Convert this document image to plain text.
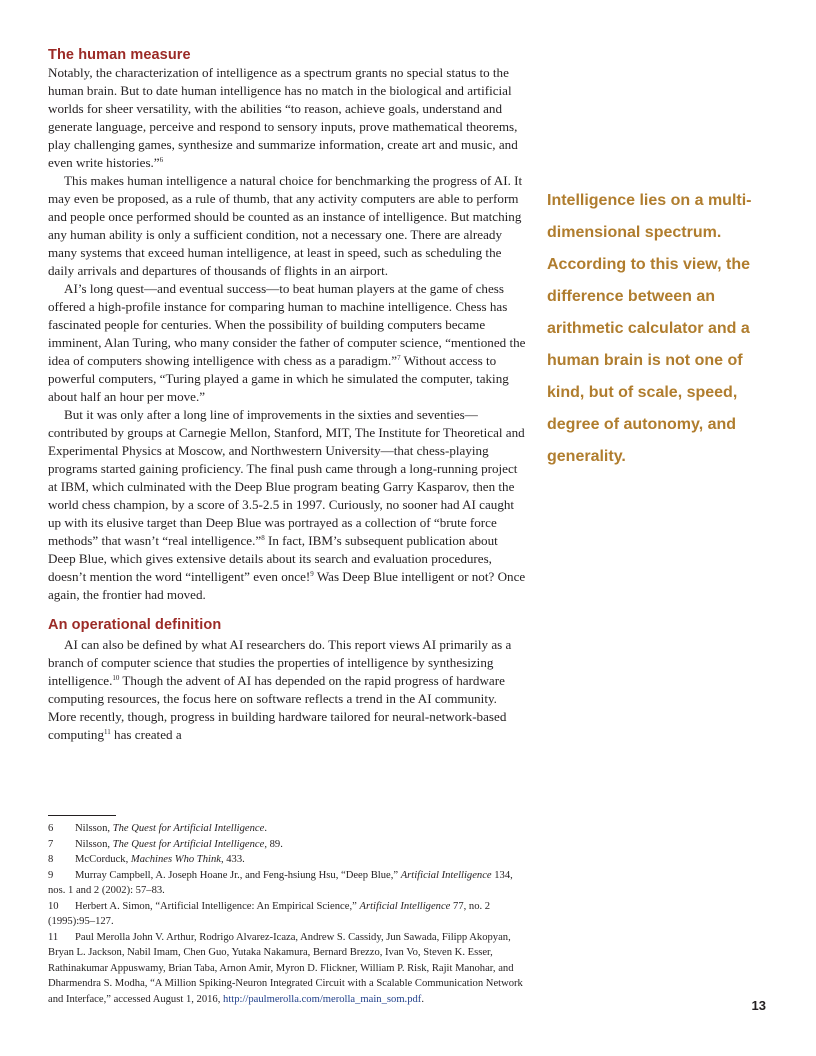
The human measure

Notably, the characterization of intelligence as a spectrum grants no special status to the human brain. But to date human intelligence has no match in the biological and artificial worlds for sheer versatility, with the abilities “to reason, achieve goals, understand and generate language, perceive and respond to sensory inputs, prove mathematical theorems, play challenging games, synthesize and summarize information, create art and music, and even write histories.”$^6$

This makes human intelligence a natural choice for benchmarking the progress of AI. It may even be proposed, as a rule of thumb, that any activity computers are able to perform and people once performed should be counted as an instance of intelligence. But matching any human ability is only a sufficient condition, not a necessary one. There are already many systems that exceed human intelligence, at least in speed, such as scheduling the daily arrivals and departures of thousands of flights in an airport.

AI’s long quest—and eventual success—to beat human players at the game of chess offered a high-profile instance for comparing human to machine intelligence. Chess has fascinated people for centuries. When the possibility of building computers became imminent, Alan Turing, who many consider the father of computer science, “mentioned the idea of computers showing intelligence with chess as a paradigm.”$^7$ Without access to powerful computers, “Turing played a game in which he simulated the computer, taking about half an hour per move.”

But it was only after a long line of improvements in the sixties and seventies—contributed by groups at Carnegie Mellon, Stanford, MIT, The Institute for Theoretical and Experimental Physics at Moscow, and Northwestern University—that chess-playing programs started gaining proficiency. The final push came through a long-running project at IBM, which culminated with the Deep Blue program beating Garry Kasparov, then the world chess champion, by a score of 3.5-2.5 in 1997. Curiously, no sooner had AI caught up with its elusive target than Deep Blue was portrayed as a collection of “brute force methods” that wasn’t “real intelligence.”$^8$ In fact, IBM’s subsequent publication about Deep Blue, which gives extensive details about its search and evaluation procedures, doesn’t mention the word “intelligent” even once!$^9$ Was Deep Blue intelligent or not? Once again, the frontier had moved.

An operational definition

AI can also be defined by what AI researchers do. This report views AI primarily as a branch of computer science that studies the properties of intelligence by synthesizing intelligence.$^{10}$ Though the advent of AI has depended on the rapid progress of hardware computing resources, the focus here on software reflects a trend in the AI community. More recently, though, progress in building hardware tailored for neural-network-based computing$^{11}$ has created a

Intelligence lies on a multi-dimensional spectrum. According to this view, the difference between an arithmetic calculator and a human brain is not one of kind, but of scale, speed, degree of autonomy, and generality.

6 Nilsson, The Quest for Artificial Intelligence.

7 Nilsson, The Quest for Artificial Intelligence, 89.

8 McCorduck, Machines Who Think, 433.

9 Murray Campbell, A. Joseph Hoane Jr., and Feng-hsiung Hsu, “Deep Blue,” Artificial Intelligence 134, nos. 1 and 2 (2002): 57–83.

10 Herbert A. Simon, “Artificial Intelligence: An Empirical Science,” Artificial Intelligence 77, no. 2 (1995):95–127.

11 Paul Merolla John V. Arthur, Rodrigo Alvarez-Icaza, Andrew S. Cassidy, Jun Sawada, Filipp Akopyan, Bryan L. Jackson, Nabil Imam, Chen Guo, Yutaka Nakamura, Bernard Brezzo, Ivan Vo, Steven K. Esser, Rathinakumar Appuswamy, Brian Taba, Arnon Amir, Myron D. Flickner, William P. Risk, Rajit Manohar, and Dharmendra S. Modha, “A Million Spiking-Neuron Integrated Circuit with a Scalable Communication Network and Interface,” accessed August 1, 2016, http://paulmerolla.com/merolla_main_som.pdf.	13
